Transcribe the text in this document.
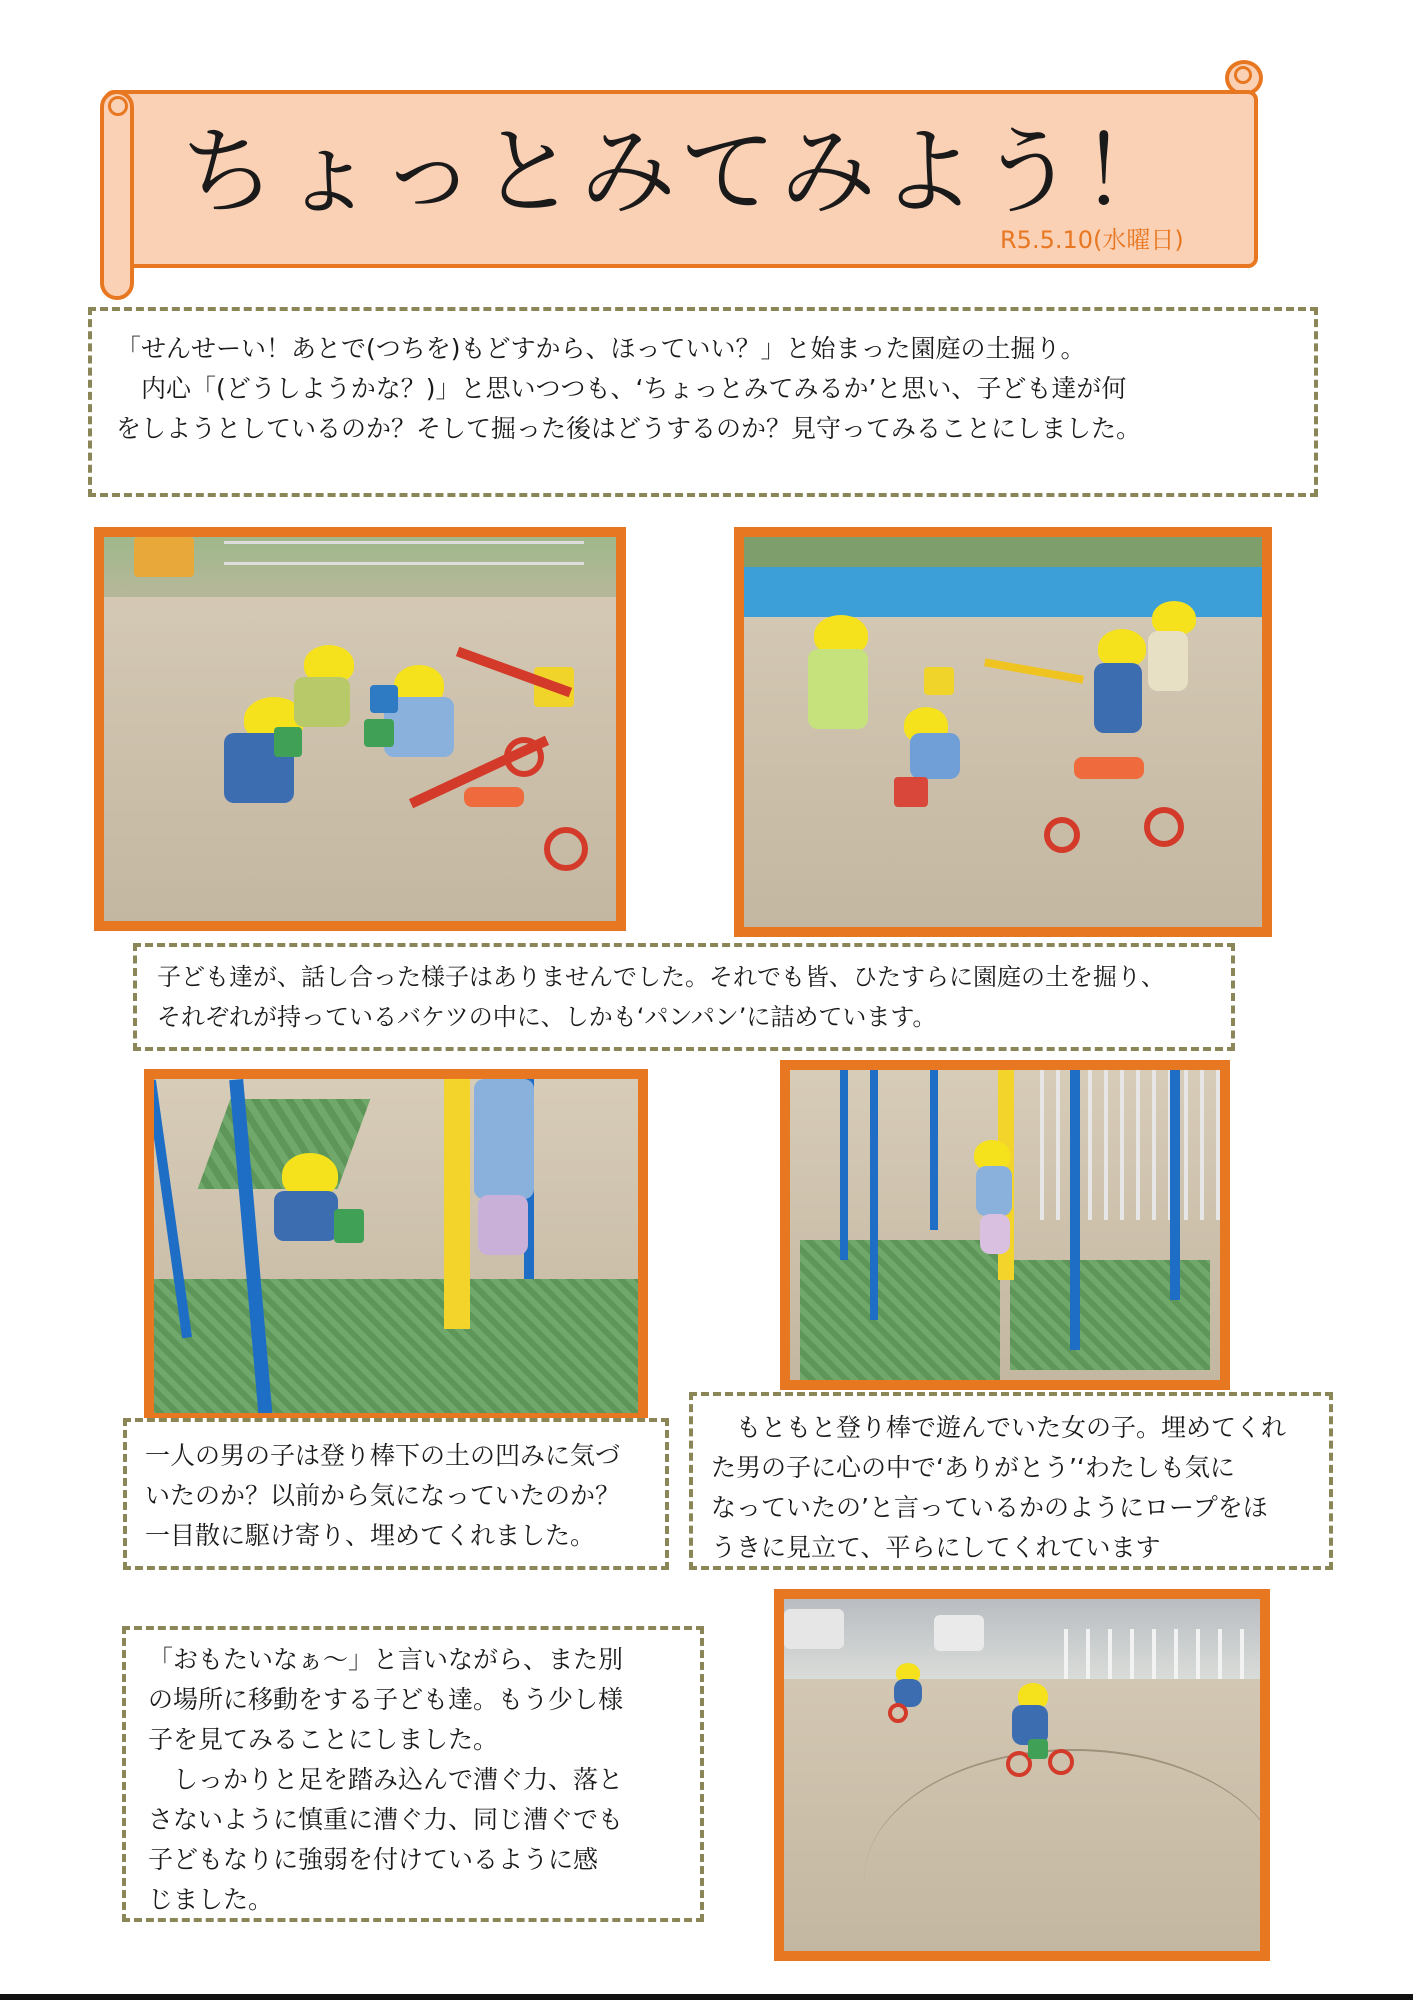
ちょっとみてみよう！
R5.5.10(水曜日)
「せんせーい！あとで(つちを)もどすから、ほっていい？」と始まった園庭の土掘り。
　内心「(どうしようかな？)」と思いつつも、‘ちょっとみてみるか’と思い、子ども達が何
をしようとしているのか？そして掘った後はどうするのか？見守ってみることにしました。
子ども達が、話し合った様子はありませんでした。それでも皆、ひたすらに園庭の土を掘り、
それぞれが持っているバケツの中に、しかも‘パンパン’に詰めています。
一人の男の子は登り棒下の土の凹みに気づ
いたのか？以前から気になっていたのか？
一目散に駆け寄り、埋めてくれました。
　もともと登り棒で遊んでいた女の子。埋めてくれ
た男の子に心の中で‘ありがとう’‘わたしも気に
なっていたの’と言っているかのようにロープをほ
うきに見立て、平らにしてくれています
「おもたいなぁ～」と言いながら、また別
の場所に移動をする子ども達。もう少し様
子を見てみることにしました。
　しっかりと足を踏み込んで漕ぐ力、落と
さないように慎重に漕ぐ力、同じ漕ぐでも
子どもなりに強弱を付けているように感
じました。
